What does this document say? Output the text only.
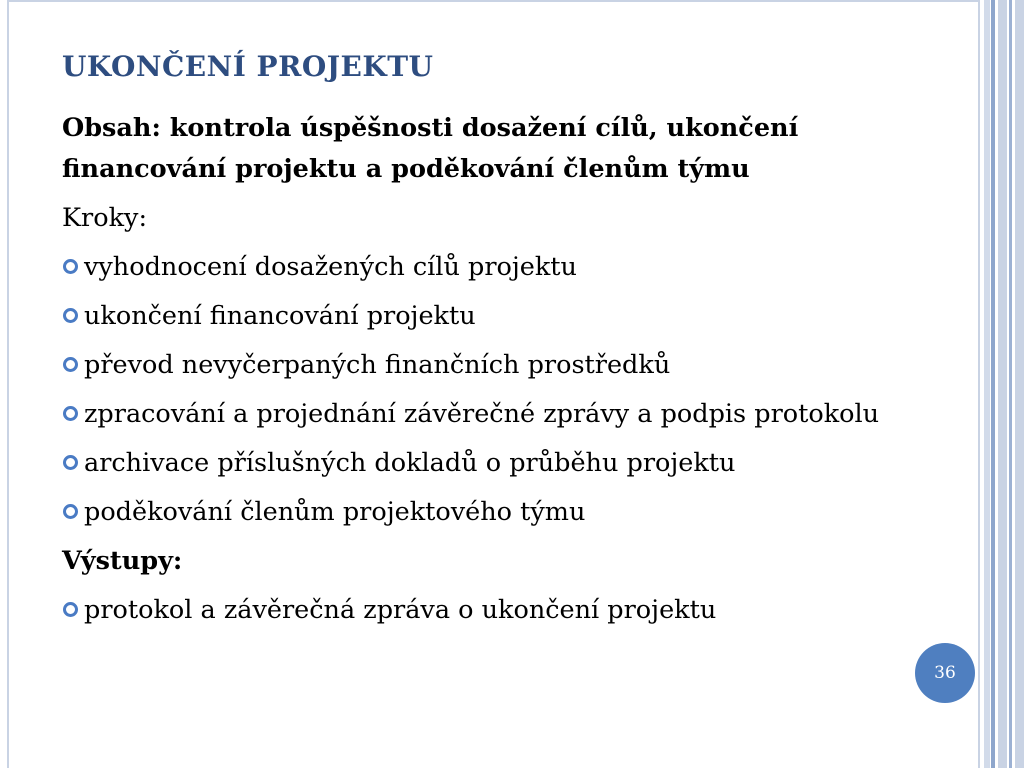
UKONČENÍ PROJEKTU

Obsah: kontrola úspěšnosti dosažení cílů, ukončení financování projektu a poděkování členům týmu

Kroky:

vyhodnocení dosažených cílů projektu

ukončení financování projektu

převod nevyčerpaných finančních prostředků

zpracování a projednání závěrečné zprávy a podpis protokolu

archivace příslušných dokladů o průběhu projektu

poděkování členům projektového týmu

Výstupy:

protokol a závěrečná zpráva o ukončení projektu

36
